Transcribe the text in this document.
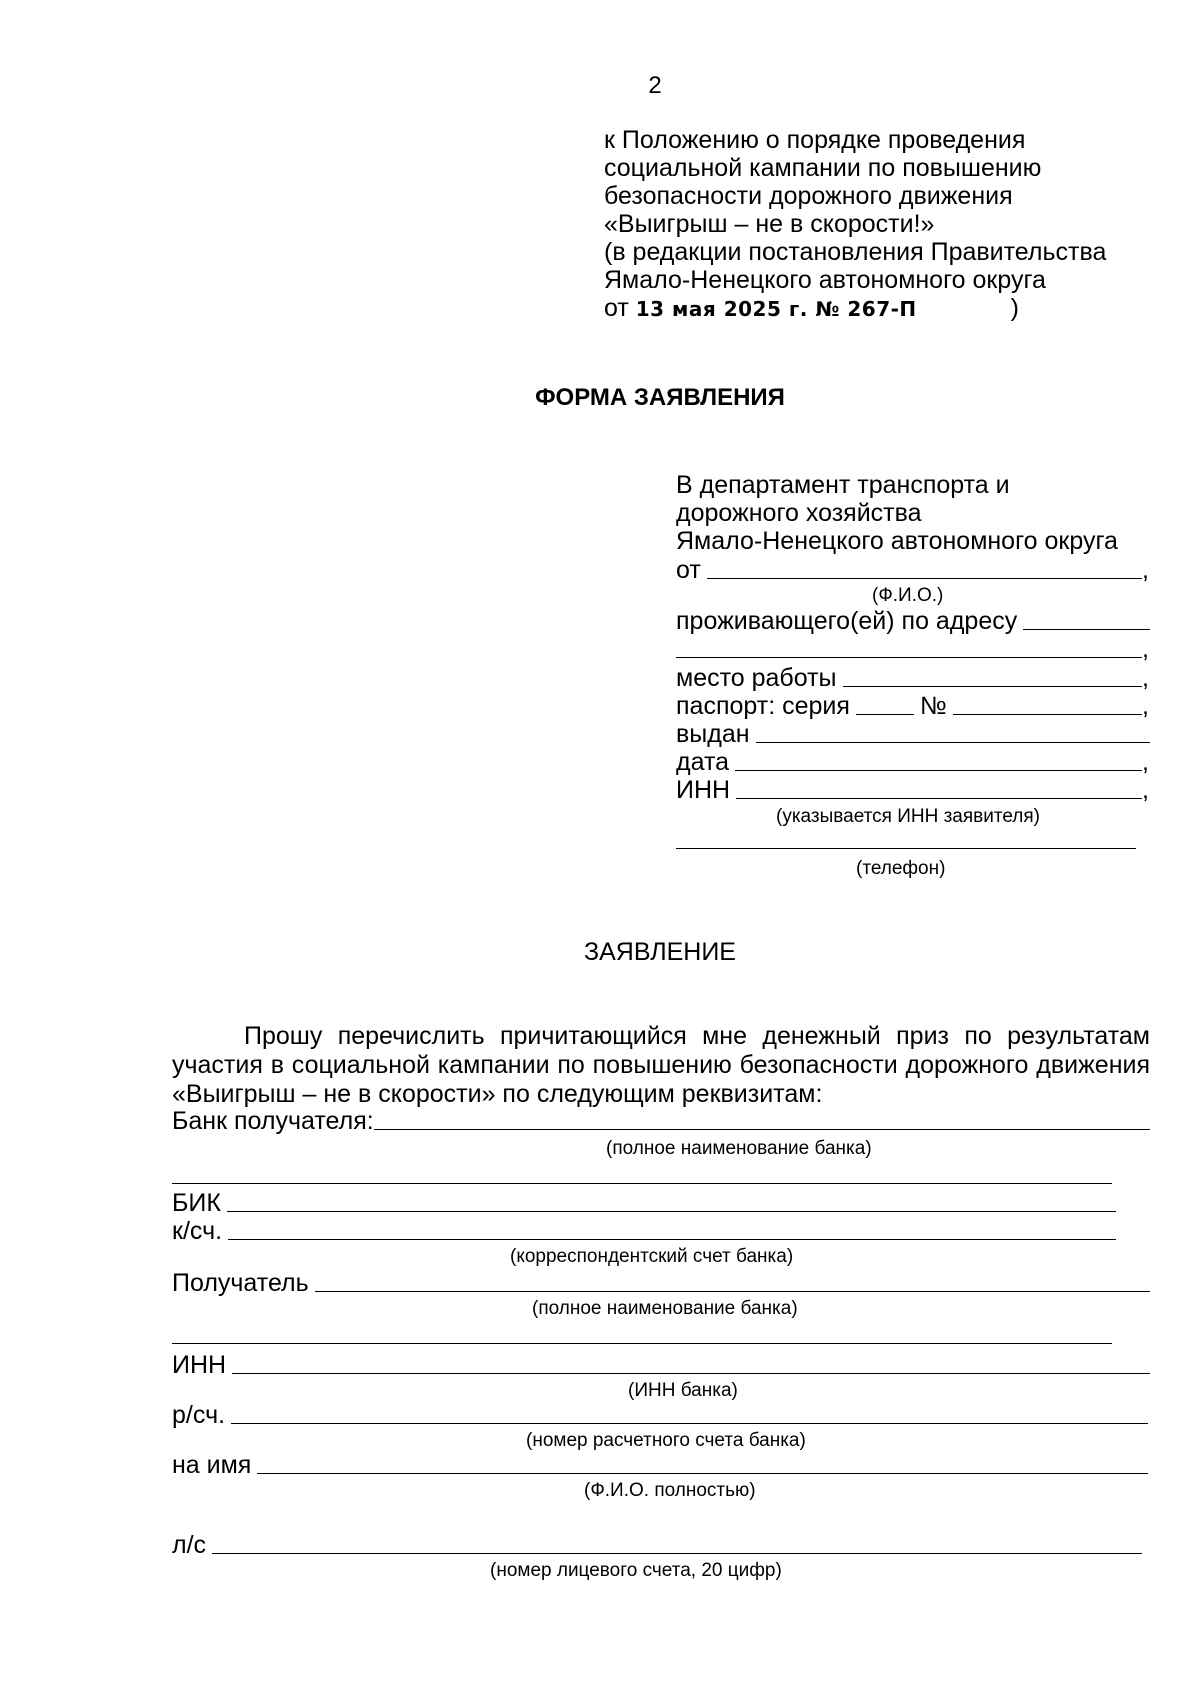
2
к Положению о порядке проведения
социальной кампании по повышению
безопасности дорожного движения
«Выигрыш – не в скорости!»
(в редакции постановления Правительства
Ямало-Ненецкого автономного округа
от 13 мая 2025 г. № 267-П	)
ФОРМА ЗАЯВЛЕНИЯ
В департамент транспорта и
дорожного хозяйства
Ямало-Ненецкого автономного округа
от	,
(Ф.И.О.)
проживающего(ей) по адресу
,
место работы	,
паспорт: серия	№	,
выдан
дата	,
ИНН	,
(указывается ИНН заявителя)
(телефон)
ЗАЯВЛЕНИЕ
Прошу перечислить причитающийся мне денежный приз по результатам участия в социальной кампании по повышению безопасности дорожного движения «Выигрыш – не в скорости» по следующим реквизитам:
Банк получателя:
(полное наименование банка)
БИК
к/сч.
(корреспондентский счет банка)
Получатель
(полное наименование банка)
ИНН
(ИНН банка)
р/сч.
(номер расчетного счета банка)
на имя
(Ф.И.О. полностью)
л/с
(номер лицевого счета, 20 цифр)
